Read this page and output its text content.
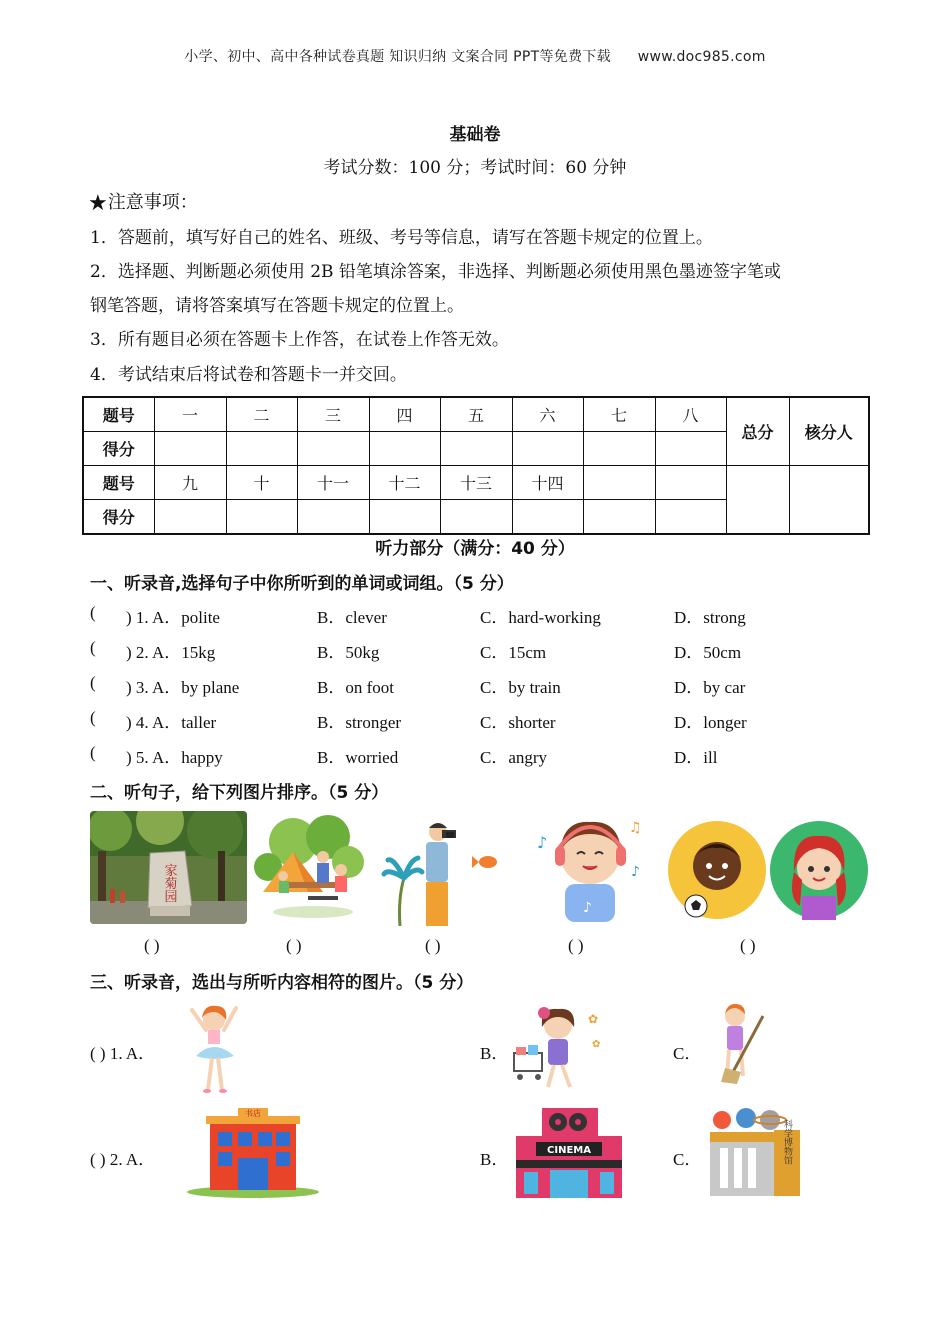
小学、初中、高中各种试卷真题 知识归纳 文案合同 PPT等免费下载 www.doc985.com
基础卷
考试分数：100 分；考试时间：60 分钟
★注意事项：
1．答题前，填写好自己的姓名、班级、考号等信息，请写在答题卡规定的位置上。
2．选择题、判断题必须使用 2B 铅笔填涂答案，非选择、判断题必须使用黑色墨迹签字笔或
钢笔答题，请将答案填写在答题卡规定的位置上。
3．所有题目必须在答题卡上作答，在试卷上作答无效。
4．考试结束后将试卷和答题卡一并交回。
题号	一	二	三	四	五	六	七	八	总分	核分人
得分										
题号	九	十	十一	十二	十三	十四				
得分										
听力部分（满分：40 分）
一、听录音,选择句子中你所听到的单词或词组。（5 分）
( ) 1. A．polite	B．clever	C．hard-working	D．strong
( ) 2. A．15kg	B．50kg	C．15cm	D．50cm
( ) 3. A．by plane	B．on foot	C．by train	D．by car
( ) 4. A．taller	B．stronger	C．shorter	D．longer
( ) 5. A．happy	B．worried	C．angry	D．ill
二、听句子，给下列图片排序。（5 分）
家菊园
♪
♫
♪
♪
( )	( )	( )	( )	( )
三、听录音，选出与所听内容相符的图片。（5 分）
( ) 1. A．	B．
✿
✿	C．
( ) 2. A．
书店
B．	CINEMA	C．	科学博物馆
